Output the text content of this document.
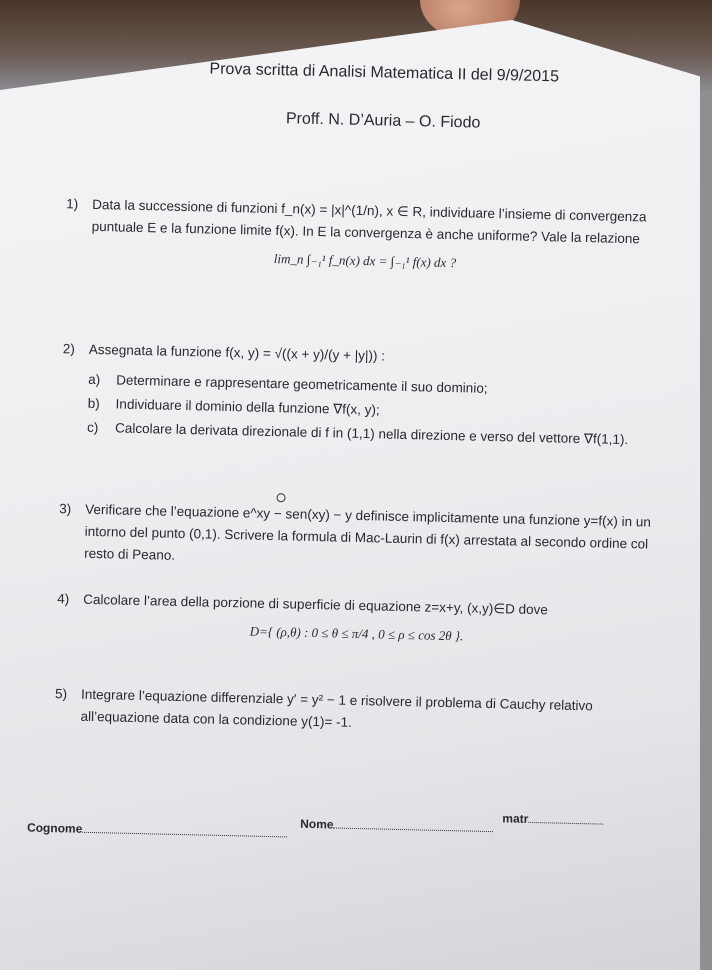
Prova scritta di Analisi Matematica II del 9/9/2015
Proff. N. D’Auria – O. Fiodo
1) Data la successione di funzioni f_n(x) = |x|^(1/n), x ∈ R, individuare l’insieme di convergenza puntuale E e la funzione limite f(x). In E la convergenza è anche uniforme? Vale la relazione
lim_n ∫₋₁¹ f_n(x) dx = ∫₋₁¹ f(x) dx ?
2) Assegnata la funzione f(x, y) = √((x + y)/(y + |y|)) :
a) Determinare e rappresentare geometricamente il suo dominio;
b) Individuare il dominio della funzione ∇f(x, y);
c) Calcolare la derivata direzionale di f in (1,1) nella direzione e verso del vettore ∇f(1,1).
3) Verificare che l’equazione e^xy − sen(xy) − y definisce implicitamente una funzione y=f(x) in un intorno del punto (0,1). Scrivere la formula di Mac-Laurin di f(x) arrestata al secondo ordine col resto di Peano.
4) Calcolare l’area della porzione di superficie di equazione z=x+y, (x,y)∈D dove
D={ (ρ,θ) : 0 ≤ θ ≤ π/4 , 0 ≤ ρ ≤ cos 2θ }.
5) Integrare l’equazione differenziale y′ = y² − 1 e risolvere il problema di Cauchy relativo all’equazione data con la condizione y(1)= -1.
Cognome	Nome	matr
